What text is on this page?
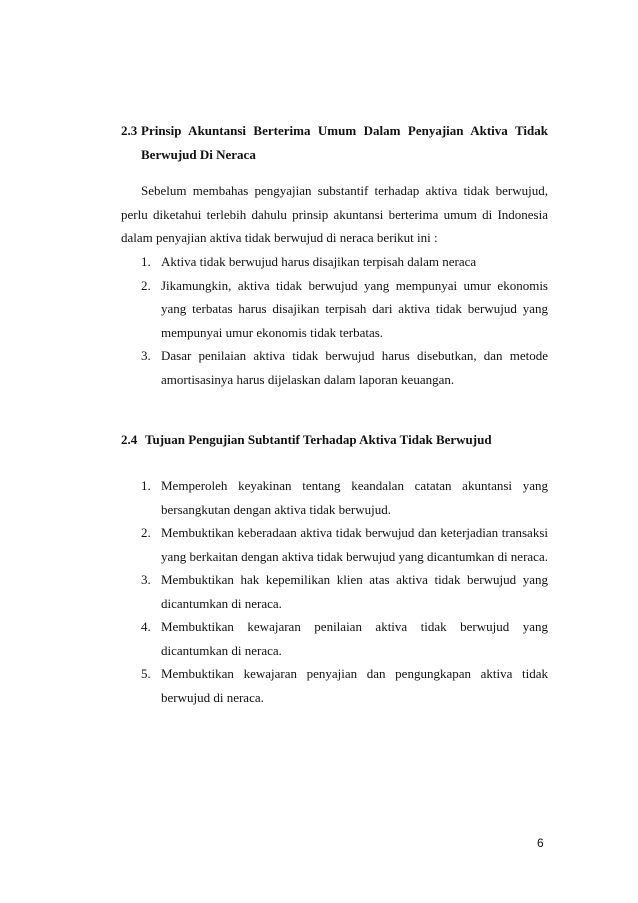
2.3 Prinsip Akuntansi Berterima Umum Dalam Penyajian Aktiva Tidak Berwujud Di Neraca

Sebelum membahas pengyajian substantif terhadap aktiva tidak berwujud, perlu diketahui terlebih dahulu prinsip akuntansi berterima umum di Indonesia dalam penyajian aktiva tidak berwujud di neraca berikut ini :

1. Aktiva tidak berwujud harus disajikan terpisah dalam neraca
2. Jikamungkin, aktiva tidak berwujud yang mempunyai umur ekonomis yang terbatas harus disajikan terpisah dari aktiva tidak berwujud yang mempunyai umur ekonomis tidak terbatas.
3. Dasar penilaian aktiva tidak berwujud harus disebutkan, dan metode amortisasinya harus dijelaskan dalam laporan keuangan.
2.4 Tujuan Pengujian Subtantif Terhadap Aktiva Tidak Berwujud
1. Memperoleh keyakinan tentang keandalan catatan akuntansi yang bersangkutan dengan aktiva tidak berwujud.
2. Membuktikan keberadaan aktiva tidak berwujud dan keterjadian transaksi yang berkaitan dengan aktiva tidak berwujud yang dicantumkan di neraca.
3. Membuktikan hak kepemilikan klien atas aktiva tidak berwujud yang dicantumkan di neraca.
4. Membuktikan kewajaran penilaian aktiva tidak berwujud yang dicantumkan di neraca.
5. Membuktikan kewajaran penyajian dan pengungkapan aktiva tidak berwujud di neraca.
6
